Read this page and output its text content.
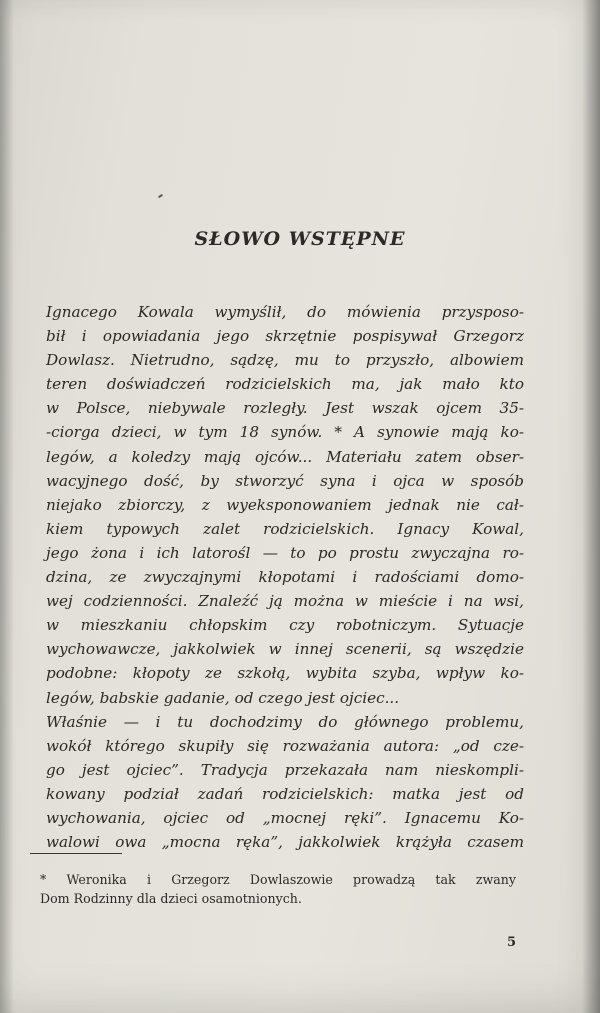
SŁOWO WSTĘPNE
Ignacego Kowala wymyślił, do mówienia przysposo-
bił i opowiadania jego skrzętnie pospisywał Grzegorz
Dowlasz. Nietrudno, sądzę, mu to przyszło, albowiem
teren doświadczeń rodzicielskich ma, jak mało kto
w Polsce, niebywale rozległy. Jest wszak ojcem 35-
-ciorga dzieci, w tym 18 synów. * A synowie mają ko-
legów, a koledzy mają ojców... Materiału zatem obser-
wacyjnego dość, by stworzyć syna i ojca w sposób
niejako zbiorczy, z wyeksponowaniem jednak nie cał-
kiem typowych zalet rodzicielskich. Ignacy Kowal,
jego żona i ich latorośl — to po prostu zwyczajna ro-
dzina, ze zwyczajnymi kłopotami i radościami domo-
wej codzienności. Znaleźć ją można w mieście i na wsi,
w mieszkaniu chłopskim czy robotniczym. Sytuacje
wychowawcze, jakkolwiek w innej scenerii, są wszędzie
podobne: kłopoty ze szkołą, wybita szyba, wpływ ko-
legów, babskie gadanie, od czego jest ojciec...
Właśnie — i tu dochodzimy do głównego problemu,
wokół którego skupiły się rozważania autora: „od cze-
go jest ojciec”. Tradycja przekazała nam nieskompli-
kowany podział zadań rodzicielskich: matka jest od
wychowania, ojciec od „mocnej ręki”. Ignacemu Ko-
walowi owa „mocna ręka”, jakkolwiek krążyła czasem
* Weronika i Grzegorz Dowlaszowie prowadzą tak zwany
Dom Rodzinny dla dzieci osamotnionych.
5
